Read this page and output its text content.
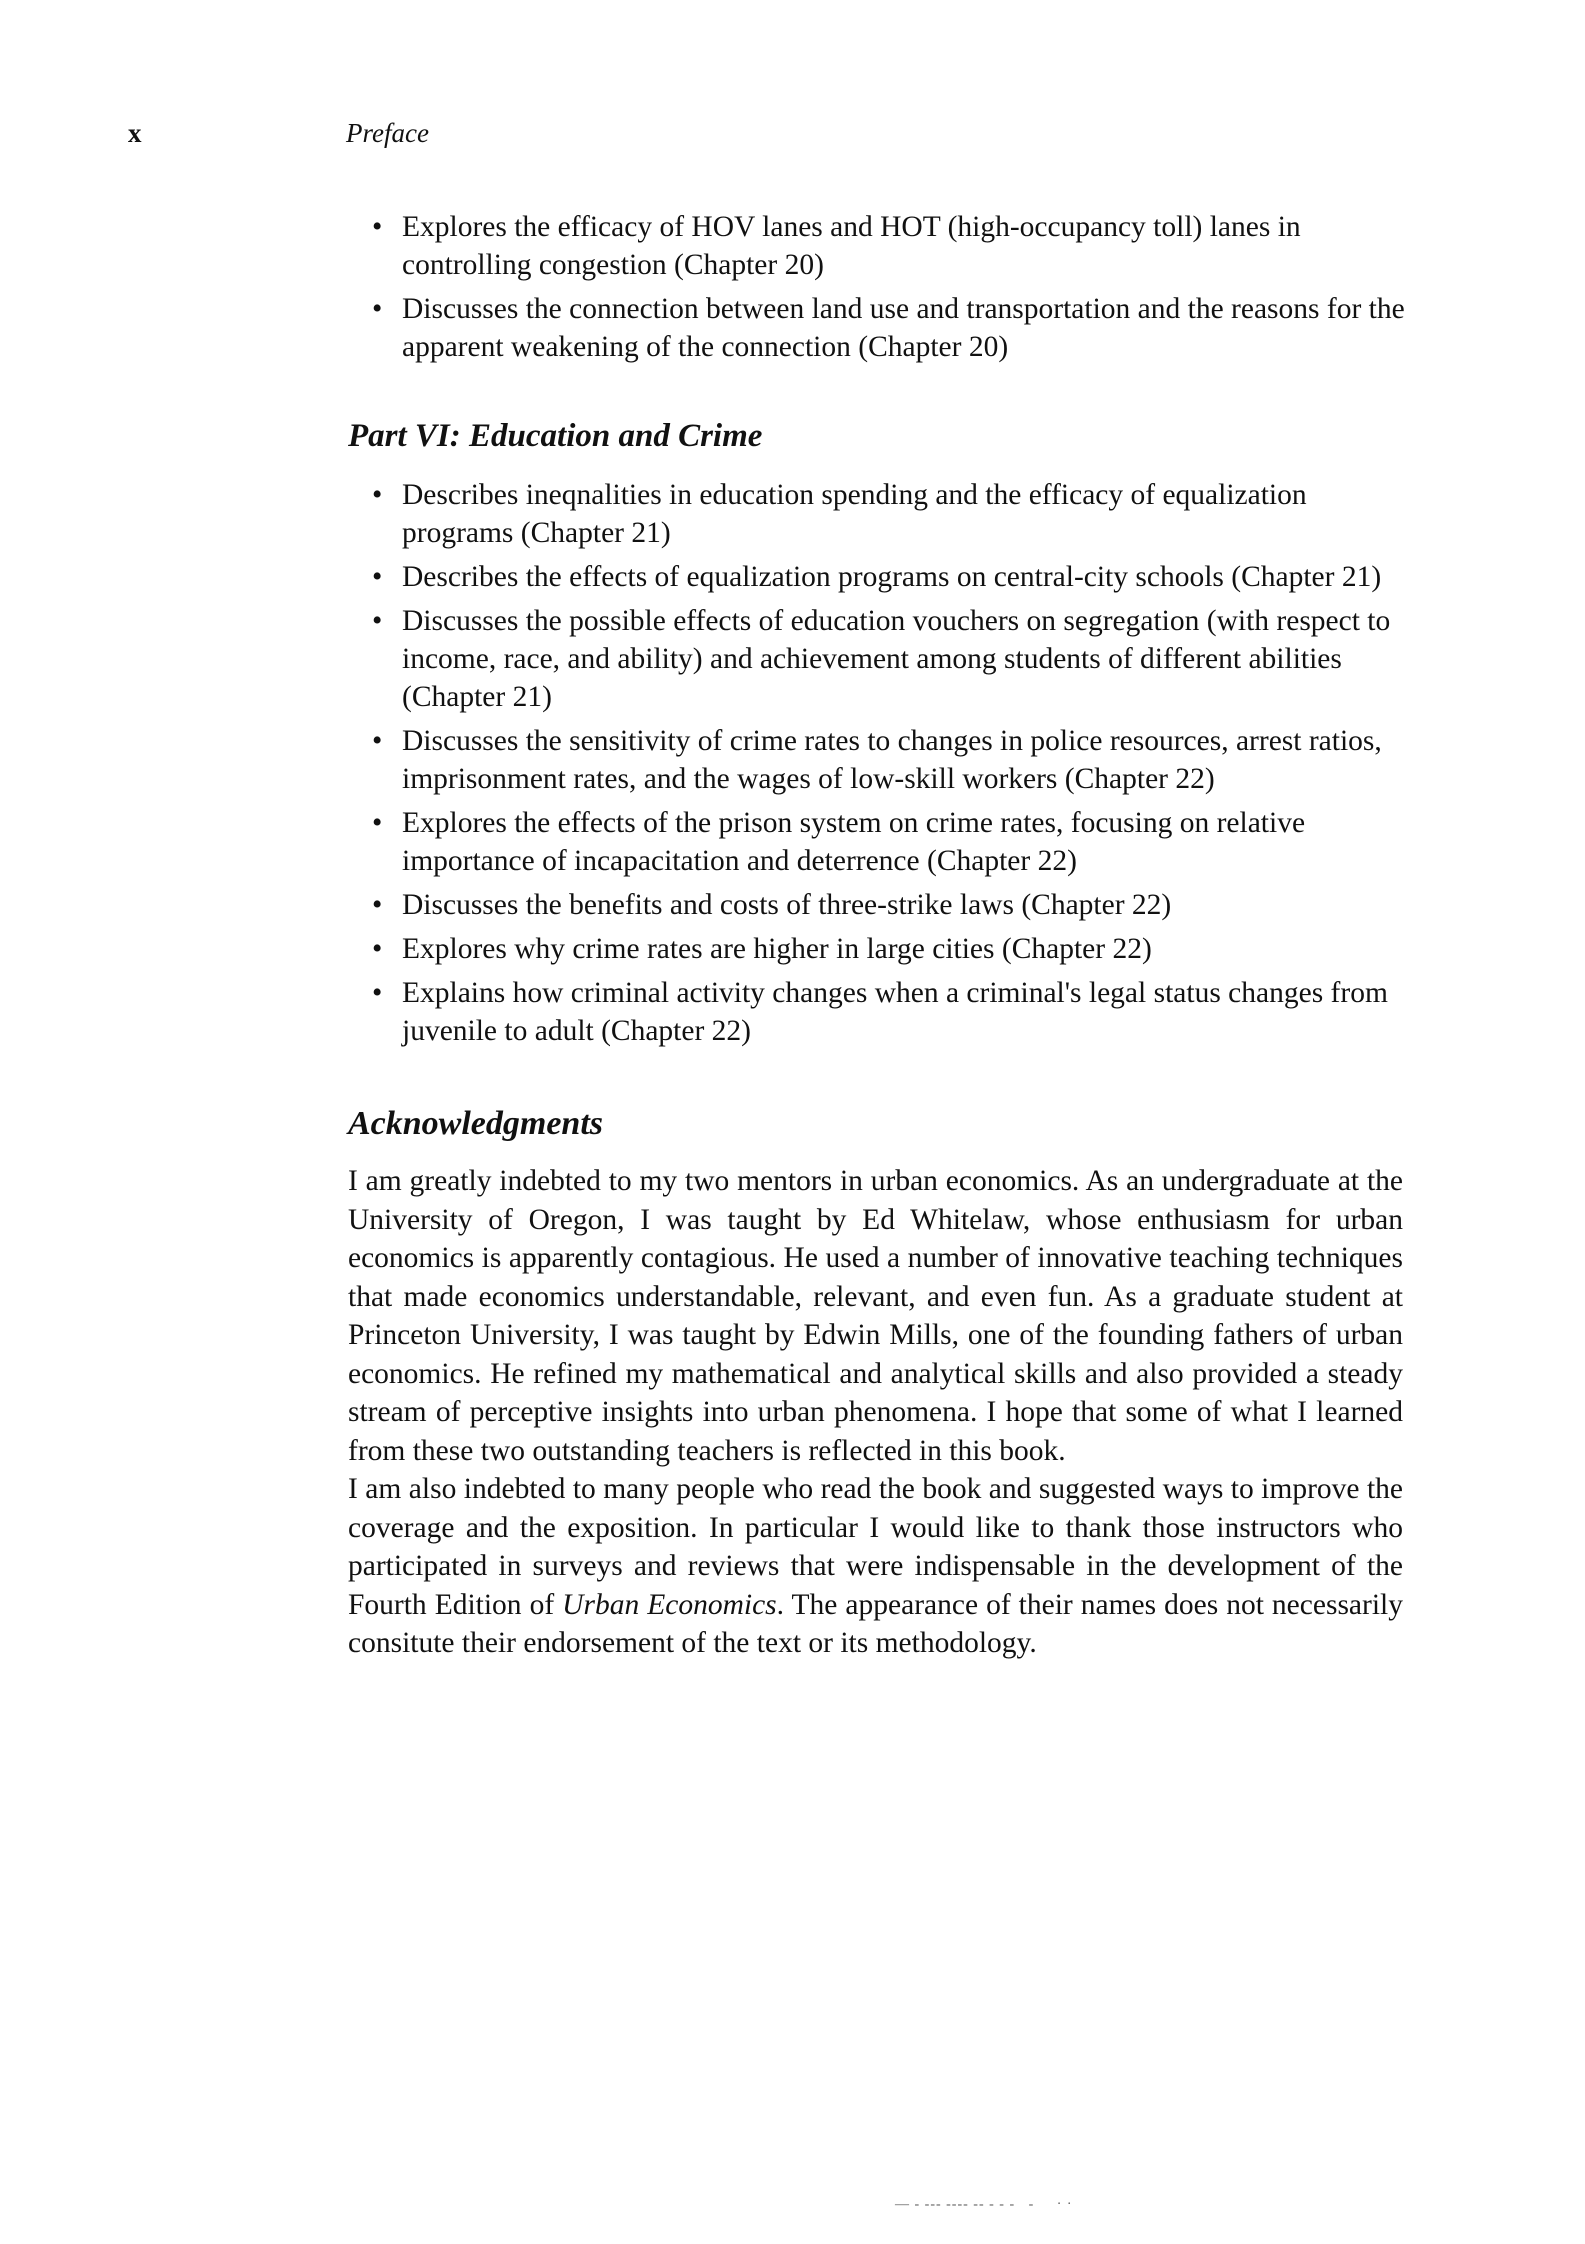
x	Preface
• Explores the efficacy of HOV lanes and HOT (high-occupancy toll) lanes in controlling congestion (Chapter 20)
• Discusses the connection between land use and transportation and the reasons for the apparent weakening of the connection (Chapter 20)
Part VI: Education and Crime
• Describes ineqnalities in education spending and the efficacy of equalization programs (Chapter 21)
• Describes the effects of equalization programs on central-city schools (Chapter 21)
• Discusses the possible effects of education vouchers on segregation (with respect to income, race, and ability) and achievement among students of different abilities (Chapter 21)
• Discusses the sensitivity of crime rates to changes in police resources, arrest ratios, imprisonment rates, and the wages of low-skill workers (Chapter 22)
• Explores the effects of the prison system on crime rates, focusing on relative importance of incapacitation and deterrence (Chapter 22)
• Discusses the benefits and costs of three-strike laws (Chapter 22)
• Explores why crime rates are higher in large cities (Chapter 22)
• Explains how criminal activity changes when a criminal's legal status changes from juvenile to adult (Chapter 22)
Acknowledgments

I am greatly indebted to my two mentors in urban economics. As an undergraduate at the University of Oregon, I was taught by Ed Whitelaw, whose enthusiasm for urban economics is apparently contagious. He used a number of innovative teaching techniques that made economics understandable, relevant, and even fun. As a graduate student at Princeton University, I was taught by Edwin Mills, one of the founding fathers of urban economics. He refined my mathematical and analytical skills and also provided a steady stream of perceptive insights into urban phenomena. I hope that some of what I learned from these two outstanding teachers is reflected in this book.

I am also indebted to many people who read the book and suggested ways to improve the coverage and the exposition. In particular I would like to thank those instructors who participated in surveys and reviews that were indispensable in the development of the Fourth Edition of Urban Economics. The appearance of their names does not necessarily consitute their endorsement of the text or its methodology.

— ‐ ‐‐‐ ‐‐‐‐ ‐‐ ‐ ‐ ‐   ‐     · ·
